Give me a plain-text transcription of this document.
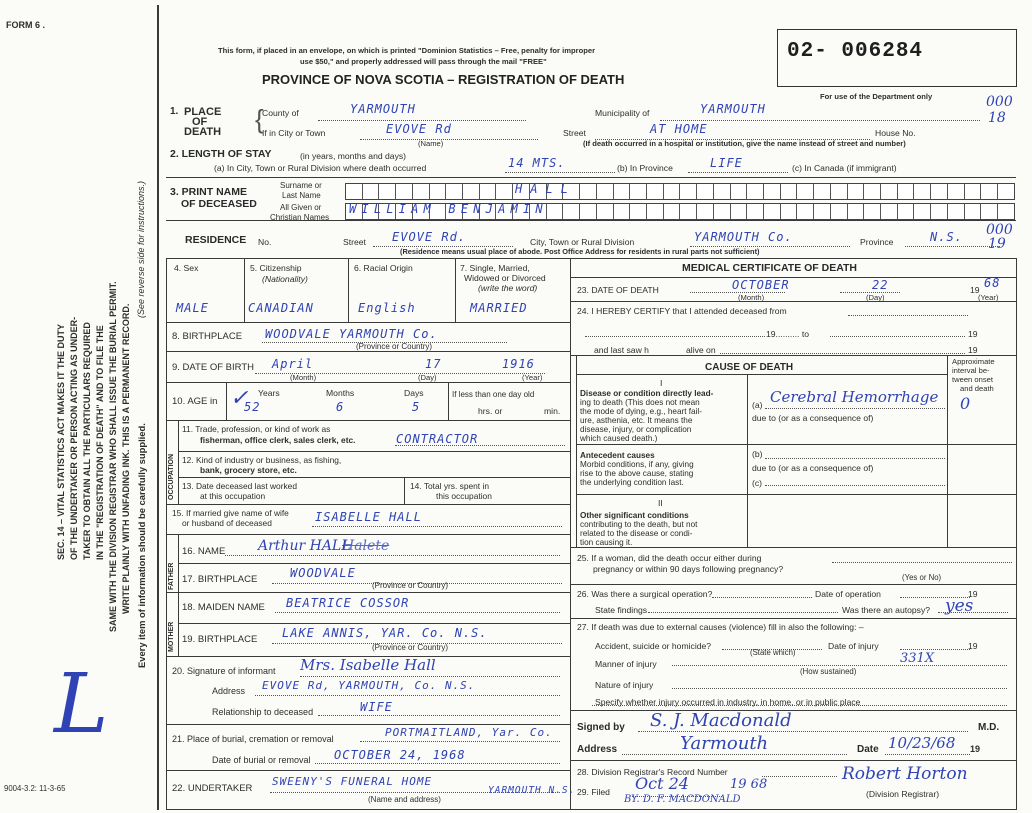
FORM 6 .
This form, if placed in an envelope, on which is printed "Dominion Statistics – Free, penalty for improper
use $50," and properly addressed will pass through the mail "FREE"
PROVINCE OF NOVA SCOTIA – REGISTRATION OF DEATH
02- 006284
For use of the Department only	000
18
000
19
SEC. 14 – VITAL STATISTICS ACT MAKES IT THE DUTY OF THE UNDERTAKER OR PERSON ACTING AS UNDER- TAKER TO OBTAIN ALL THE PARTICULARS REQUIRED IN THE "REGISTRATION OF DEATH" AND TO FILE THE SAME WITH THE DIVISION REGISTRAR WHO SHALL ISSUE THE BURIAL PERMIT. WRITE PLAINLY WITH UNFADING INK. THIS IS A PERMANENT RECORD. Every item of information should be carefully supplied.
(See reverse side for instructions.)
9004-3.2: 11-3-65
L
OCCUPATION
FATHER
MOTHER
1. PLACE
OF
DEATH
County of	YARMOUTH	Municipality of	YARMOUTH
If in City or Town	EVOVE Rd
(Name)
Street	AT HOME	House No.
(If death occurred in a hospital or institution, give the name instead of street and number)
{
2. LENGTH OF STAY	(in years, months and days)
(a) In City, Town or Rural Division where death occurred	14 MTS.	(b) In Province	LIFE	(c) In Canada (if immigrant)
3. PRINT NAME
OF DECEASED
Surname or
Last Name
All Given or
Christian Names
HALL
WILLIAM BENJAMIN
RESIDENCE No.	Street EVOVE Rd.	City, Town or Rural Division	YARMOUTH Co.	Province	N.S.
(Residence means usual place of abode. Post Office Address for residents in rural parts not sufficient)
4. Sex
MALE
5. Citizenship
(Nationality)
CANADIAN
6. Racial Origin
English
7. Single, Married,
Widowed or Divorced
(write the word)
MARRIED
8. BIRTHPLACE WOODVALE YARMOUTH Co.
(Province or Country)
9. DATE OF BIRTH April	17	1916
(Month)	(Day)	(Year)
10. AGE in
Years
52
Months
6
Days
5
If less than one day old
hrs. or	min.
✓
11. Trade, profession, or kind of work as
fisherman, office clerk, sales clerk, etc.	CONTRACTOR
12. Kind of industry or business, as fishing,
bank, grocery store, etc.
13. Date deceased last worked
at this occupation
14. Total yrs. spent in
this occupation
15. If married give name of wife
or husband of deceased	ISABELLE HALL
16. NAME Arthur HALL
Halete
17. BIRTHPLACE	WOODVALE
(Province or Country)
18. MAIDEN NAME BEATRICE COSSOR
19. BIRTHPLACE LAKE ANNIS, YAR. Co. N.S.
(Province or Country)
20. Signature of informant Mrs. Isabelle Hall
Address EVOVE Rd, YARMOUTH, Co. N.S.
Relationship to deceased	WIFE
21. Place of burial, cremation or removal	PORTMAITLAND, Yar. Co.
Date of burial or removal OCTOBER 24, 1968
22. UNDERTAKER
SWEENY'S FUNERAL HOME
YARMOUTH N.S.
(Name and address)
MEDICAL CERTIFICATE OF DEATH
23. DATE OF DEATH	OCTOBER	22	19 68
(Month)	(Day)	(Year)
24. I HEREBY CERTIFY that I attended deceased from
19.......... to	19
and last saw h	alive on	19
CAUSE OF DEATH
Approximate
interval be-
tween onset
and death
I
Disease or condition directly lead-
ing to death (This does not mean
the mode of dying, e.g., heart fail-
ure, asthenia, etc. It means the
disease, injury, or complication
which caused death.)
(a) Cerebral Hemorrhage 0
due to (or as a consequence of)
Antecedent causes
Morbid conditions, if any, giving
rise to the above cause, stating
the underlying condition last.
(b)
due to (or as a consequence of)
(c)
II
Other significant conditions
contributing to the death, but not
related to the disease or condi-
tion causing it.
25. If a woman, did the death occur either during
pregnancy or within 90 days following pregnancy?
(Yes or No)
26. Was there a surgical operation?	Date of operation	19
State findings	Was there an autopsy? yes
27. If death was due to external causes (violence) fill in also the following: –
Accident, suicide or homicide?
(State which)
Date of injury	19
Manner of injury
(How sustained)
Nature of injury
Specify whether injury occurred in industry, in home, or in public place
331X
Signed by S. J. Macdonald	M.D.
Address	Yarmouth	Date 10/23/68 19
28. Division Registrar's Record Number
29. Filed Oct 24	19 68
BY. D. F. MACDONALD
Robert Horton
(Division Registrar)
